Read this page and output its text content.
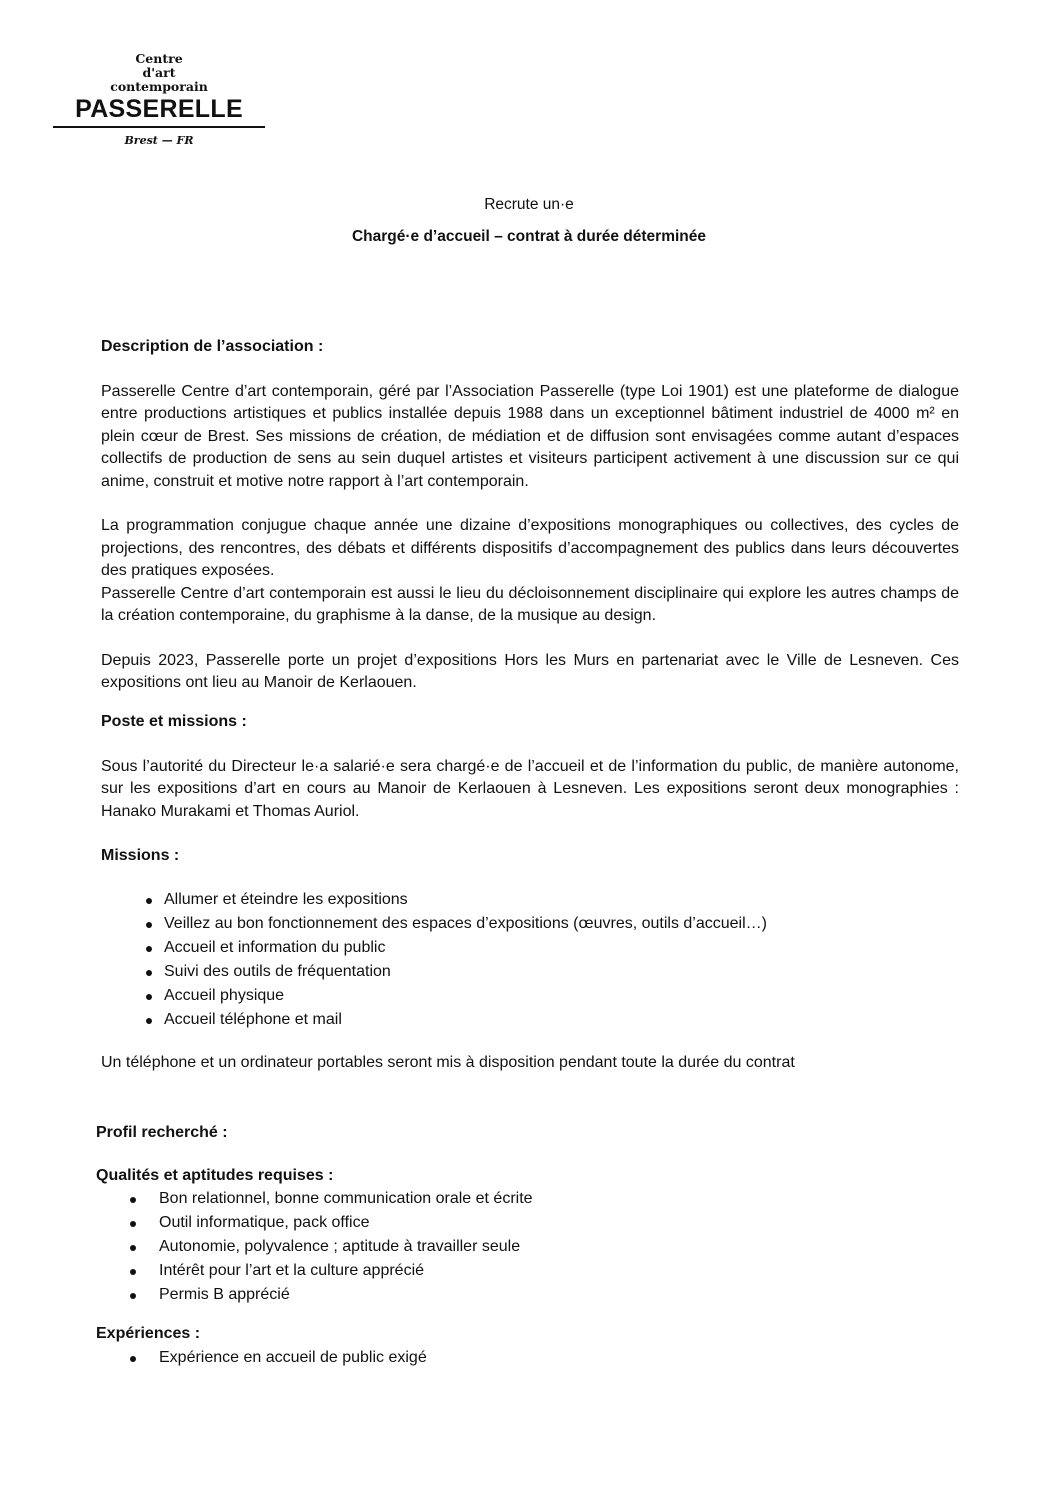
Centre
d'art
contemporain
PASSERELLE
Brest — FR
Recrute un·e
Chargé·e d’accueil – contrat à durée déterminée
Description de l’association :
Passerelle Centre d’art contemporain, géré par l’Association Passerelle (type Loi 1901) est une plateforme de dialogue entre productions artistiques et publics installée depuis 1988 dans un exceptionnel bâtiment industriel de 4000 m² en plein cœur de Brest. Ses missions de création, de médiation et de diffusion sont envisagées comme autant d’espaces collectifs de production de sens au sein duquel artistes et visiteurs participent activement à une discussion sur ce qui anime, construit et motive notre rapport à l’art contemporain.
La programmation conjugue chaque année une dizaine d’expositions monographiques ou collectives, des cycles de projections, des rencontres, des débats et différents dispositifs d’accompagnement des publics dans leurs découvertes des pratiques exposées.
Passerelle Centre d’art contemporain est aussi le lieu du décloisonnement disciplinaire qui explore les autres champs de la création contemporaine, du graphisme à la danse, de la musique au design.
Depuis 2023, Passerelle porte un projet d’expositions Hors les Murs en partenariat avec le Ville de Lesneven. Ces expositions ont lieu au Manoir de Kerlaouen.
Poste et missions :
Sous l’autorité du Directeur le·a salarié·e sera chargé·e de l’accueil et de l’information du public, de manière autonome, sur les expositions d’art en cours au Manoir de Kerlaouen à Lesneven. Les expositions seront deux monographies : Hanako Murakami et Thomas Auriol.
Missions :
Allumer et éteindre les expositions
Veillez au bon fonctionnement des espaces d’expositions (œuvres, outils d’accueil…)
Accueil et information du public
Suivi des outils de fréquentation
Accueil physique
Accueil téléphone et mail
Un téléphone et un ordinateur portables seront mis à disposition pendant toute la durée du contrat
Profil recherché :
Qualités et aptitudes requises :
Bon relationnel, bonne communication orale et écrite
Outil informatique, pack office
Autonomie, polyvalence ; aptitude à travailler seule
Intérêt pour l’art et la culture apprécié
Permis B apprécié
Expériences :
Expérience en accueil de public exigé
